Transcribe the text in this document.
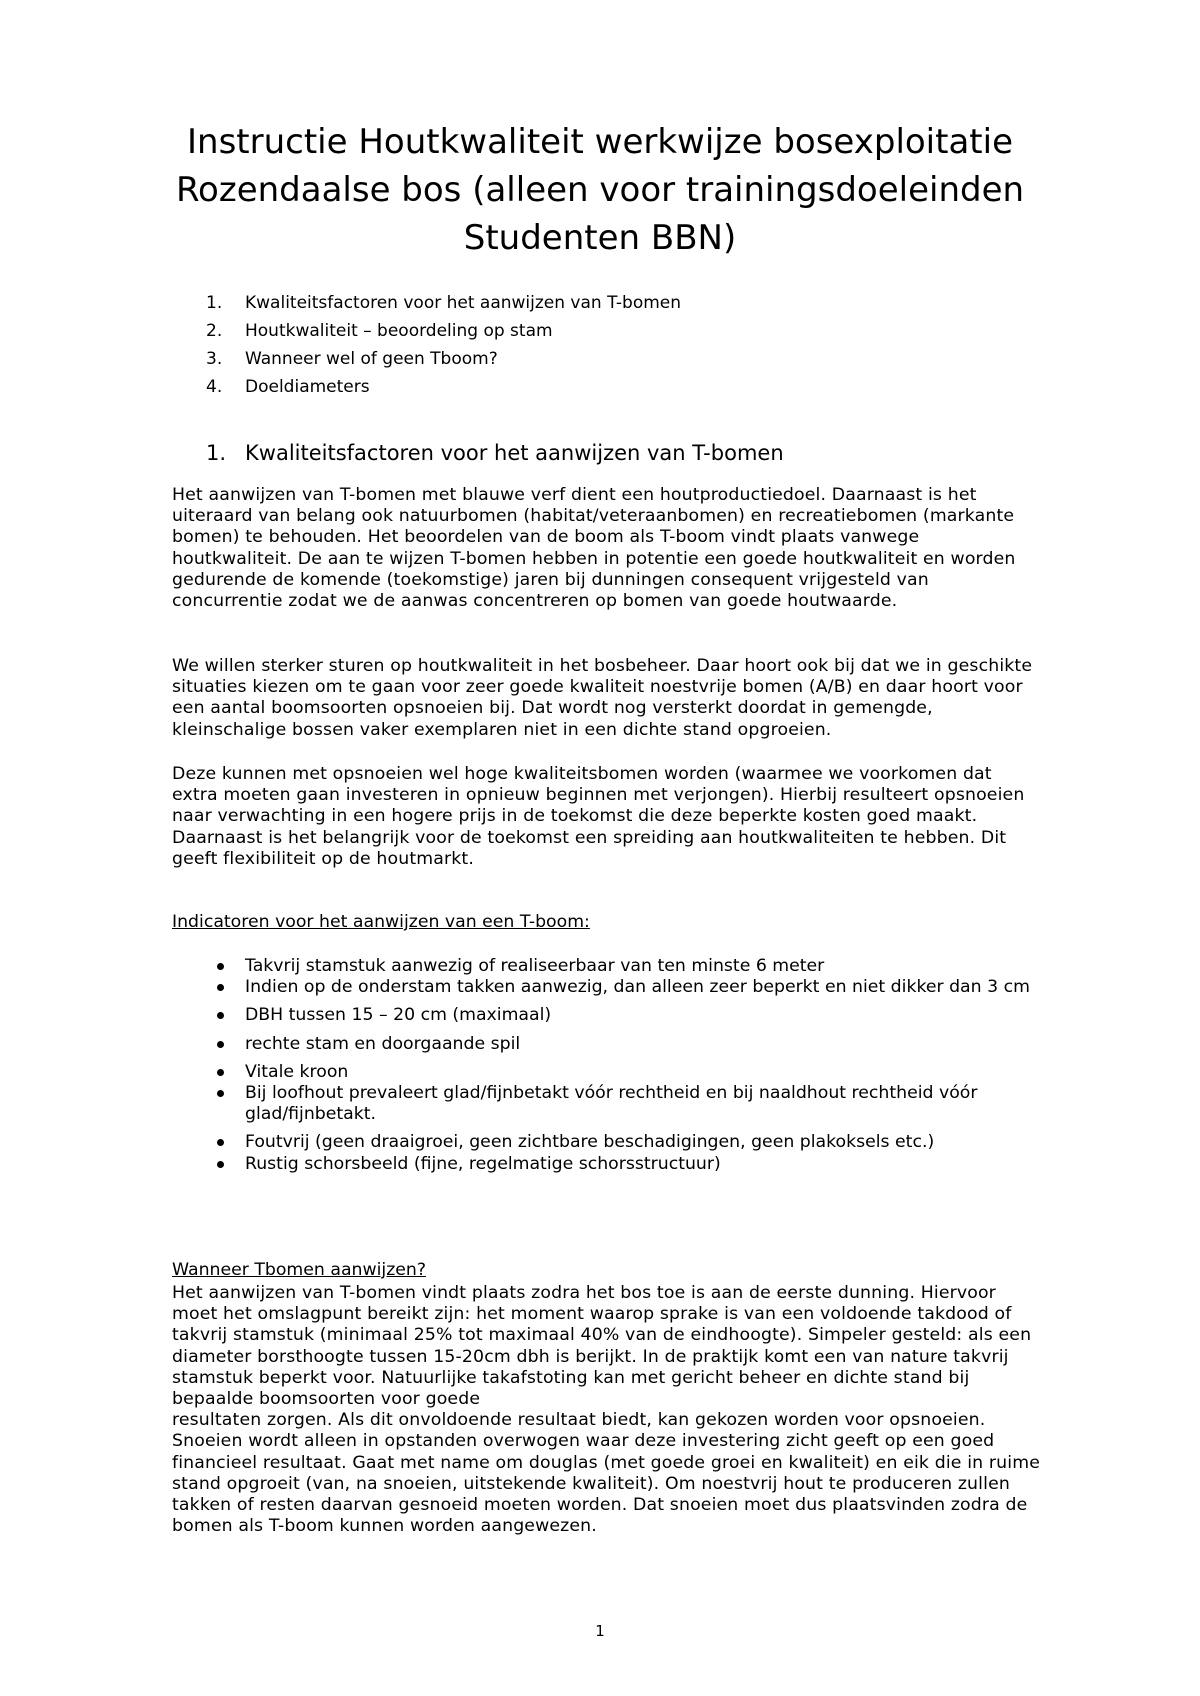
Instructie Houtkwaliteit werkwijze bosexploitatie Rozendaalse bos (alleen voor trainingsdoeleinden Studenten BBN)
1. Kwaliteitsfactoren voor het aanwijzen van T-bomen
2. Houtkwaliteit – beoordeling op stam
3. Wanneer wel of geen Tboom?
4. Doeldiameters
1. Kwaliteitsfactoren voor het aanwijzen van T-bomen

Het aanwijzen van T-bomen met blauwe verf dient een houtproductiedoel. Daarnaast is het uiteraard van belang ook natuurbomen (habitat/veteraanbomen) en recreatiebomen (markante bomen) te behouden. Het beoordelen van de boom als T-boom vindt plaats vanwege houtkwaliteit. De aan te wijzen T-bomen hebben in potentie een goede houtkwaliteit en worden gedurende de komende (toekomstige) jaren bij dunningen consequent vrijgesteld van concurrentie zodat we de aanwas concentreren op bomen van goede houtwaarde.

We willen sterker sturen op houtkwaliteit in het bosbeheer. Daar hoort ook bij dat we in geschikte situaties kiezen om te gaan voor zeer goede kwaliteit noestvrije bomen (A/B) en daar hoort voor een aantal boomsoorten opsnoeien bij. Dat wordt nog versterkt doordat in gemengde, kleinschalige bossen vaker exemplaren niet in een dichte stand opgroeien.

Deze kunnen met opsnoeien wel hoge kwaliteitsbomen worden (waarmee we voorkomen dat extra moeten gaan investeren in opnieuw beginnen met verjongen). Hierbij resulteert opsnoeien naar verwachting in een hogere prijs in de toekomst die deze beperkte kosten goed maakt. Daarnaast is het belangrijk voor de toekomst een spreiding aan houtkwaliteiten te hebben. Dit geeft flexibiliteit op de houtmarkt.

Indicatoren voor het aanwijzen van een T-boom:
Takvrij stamstuk aanwezig of realiseerbaar van ten minste 6 meter
Indien op de onderstam takken aanwezig, dan alleen zeer beperkt en niet dikker dan 3 cm
DBH tussen 15 – 20 cm (maximaal)
rechte stam en doorgaande spil
Vitale kroon
Bij loofhout prevaleert glad/fijnbetakt vóór rechtheid en bij naaldhout rechtheid vóór glad/fijnbetakt.
Foutvrij (geen draaigroei, geen zichtbare beschadigingen, geen plakoksels etc.)
Rustig schorsbeeld (fijne, regelmatige schorsstructuur)
Wanneer Tbomen aanwijzen?
Het aanwijzen van T-bomen vindt plaats zodra het bos toe is aan de eerste dunning. Hiervoor moet het omslagpunt bereikt zijn: het moment waarop sprake is van een voldoende takdood of takvrij stamstuk (minimaal 25% tot maximaal 40% van de eindhoogte). Simpeler gesteld: als een diameter borsthoogte tussen 15-20cm dbh is berijkt. In de praktijk komt een van nature takvrij stamstuk beperkt voor. Natuurlijke takafstoting kan met gericht beheer en dichte stand bij bepaalde boomsoorten voor goede
resultaten zorgen. Als dit onvoldoende resultaat biedt, kan gekozen worden voor opsnoeien. Snoeien wordt alleen in opstanden overwogen waar deze investering zicht geeft op een goed financieel resultaat. Gaat met name om douglas (met goede groei en kwaliteit) en eik die in ruime stand opgroeit (van, na snoeien, uitstekende kwaliteit). Om noestvrij hout te produceren zullen takken of resten daarvan gesnoeid moeten worden. Dat snoeien moet dus plaatsvinden zodra de bomen als T-boom kunnen worden aangewezen.
1
